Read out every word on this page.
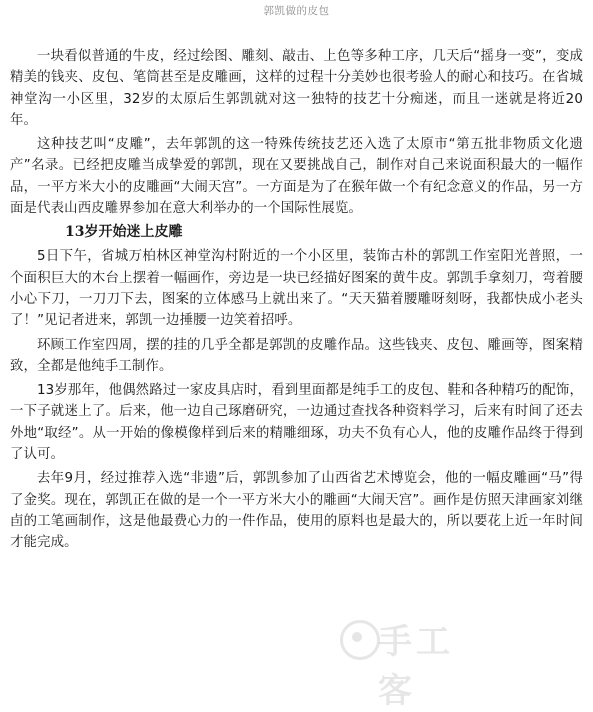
郭凯做的皮包

一块看似普通的牛皮，经过绘图、雕刻、敲击、上色等多种工序，几天后“摇身一变”，变成精美的钱夹、皮包、笔筒甚至是皮雕画，这样的过程十分美妙也很考验人的耐心和技巧。在省城神堂沟一小区里，32岁的太原后生郭凯就对这一独特的技艺十分痴迷，而且一迷就是将近20年。

这种技艺叫“皮雕”，去年郭凯的这一特殊传统技艺还入选了太原市“第五批非物质文化遗产”名录。已经把皮雕当成挚爱的郭凯，现在又要挑战自己，制作对自己来说面积最大的一幅作品，一平方米大小的皮雕画“大闹天宫”。一方面是为了在猴年做一个有纪念意义的作品，另一方面是代表山西皮雕界参加在意大利举办的一个国际性展览。

13岁开始迷上皮雕

5日下午，省城万柏林区神堂沟村附近的一个小区里，装饰古朴的郭凯工作室阳光普照，一个面积巨大的木台上摆着一幅画作，旁边是一块已经描好图案的黄牛皮。郭凯手拿刻刀，弯着腰小心下刀，一刀刀下去，图案的立体感马上就出来了。“天天猫着腰雕呀刻呀，我都快成小老头了！”见记者进来，郭凯一边捶腰一边笑着招呼。

环顾工作室四周，摆的挂的几乎全都是郭凯的皮雕作品。这些钱夹、皮包、雕画等，图案精致，全都是他纯手工制作。

13岁那年，他偶然路过一家皮具店时，看到里面都是纯手工的皮包、鞋和各种精巧的配饰，一下子就迷上了。后来，他一边自己琢磨研究，一边通过查找各种资料学习，后来有时间了还去外地“取经”。从一开始的像模像样到后来的精雕细琢，功夫不负有心人，他的皮雕作品终于得到了认可。

去年9月，经过推荐入选“非遗”后，郭凯参加了山西省艺术博览会，他的一幅皮雕画“马”得了金奖。现在，郭凯正在做的是一个一平方米大小的雕画“大闹天宫”。画作是仿照天津画家刘继卣的工笔画制作，这是他最费心力的一件作品，使用的原料也是最大的，所以要花上近一年时间才能完成。

手工客
